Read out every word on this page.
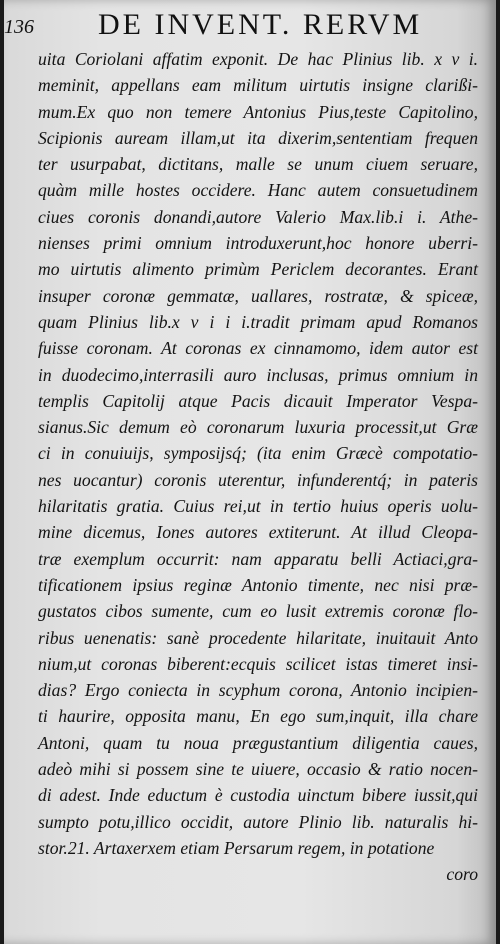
136 DE INVENT. RERVM
uita Coriolani affatim exponit. De hac Plinius lib. x v i.
meminit, appellans eam militum uirtutis insigne clarißi-
mum.Ex quo non temere Antonius Pius,teste Capitolino,
Scipionis auream illam,ut ita dixerim,sententiam frequen
ter usurpabat, dictitans, malle se unum ciuem seruare,
quàm mille hostes occidere. Hanc autem consuetudinem
ciues coronis donandi,autore Valerio Max.lib.i i. Athe-
nienses primi omnium introduxerunt,hoc honore uberri-
mo uirtutis alimento primùm Periclem decorantes. Erant
insuper coronæ gemmatæ, uallares, rostratæ, & spiceæ,
quam Plinius lib.x v i i i.tradit primam apud Romanos
fuisse coronam. At coronas ex cinnamomo, idem autor est
in duodecimo,interrasili auro inclusas, primus omnium in
templis Capitolij atque Pacis dicauit Imperator Vespa-
sianus.Sic demum eò coronarum luxuria processit,ut Græ
ci in conuiuijs, symposijsq́; (ita enim Græcè compotatio-
nes uocantur) coronis uterentur, infunderentq́; in pateris
hilaritatis gratia. Cuius rei,ut in tertio huius operis uolu-
mine dicemus, Iones autores extiterunt. At illud Cleopa-
træ exemplum occurrit: nam apparatu belli Actiaci,gra-
tificationem ipsius reginæ Antonio timente, nec nisi præ-
gustatos cibos sumente, cum eo lusit extremis coronæ flo-
ribus uenenatis: sanè procedente hilaritate, inuitauit Anto
nium,ut coronas biberent:ecquis scilicet istas timeret insi-
dias? Ergo coniecta in scyphum corona, Antonio incipien-
ti haurire, opposita manu, En ego sum,inquit, illa chare
Antoni, quam tu noua prægustantium diligentia caues,
adeò mihi si possem sine te uiuere, occasio & ratio nocen-
di adest. Inde eductum è custodia uinctum bibere iussit,qui
sumpto potu,illico occidit, autore Plinio lib. naturalis hi-
stor.21. Artaxerxem etiam Persarum regem, in potatione
coro
